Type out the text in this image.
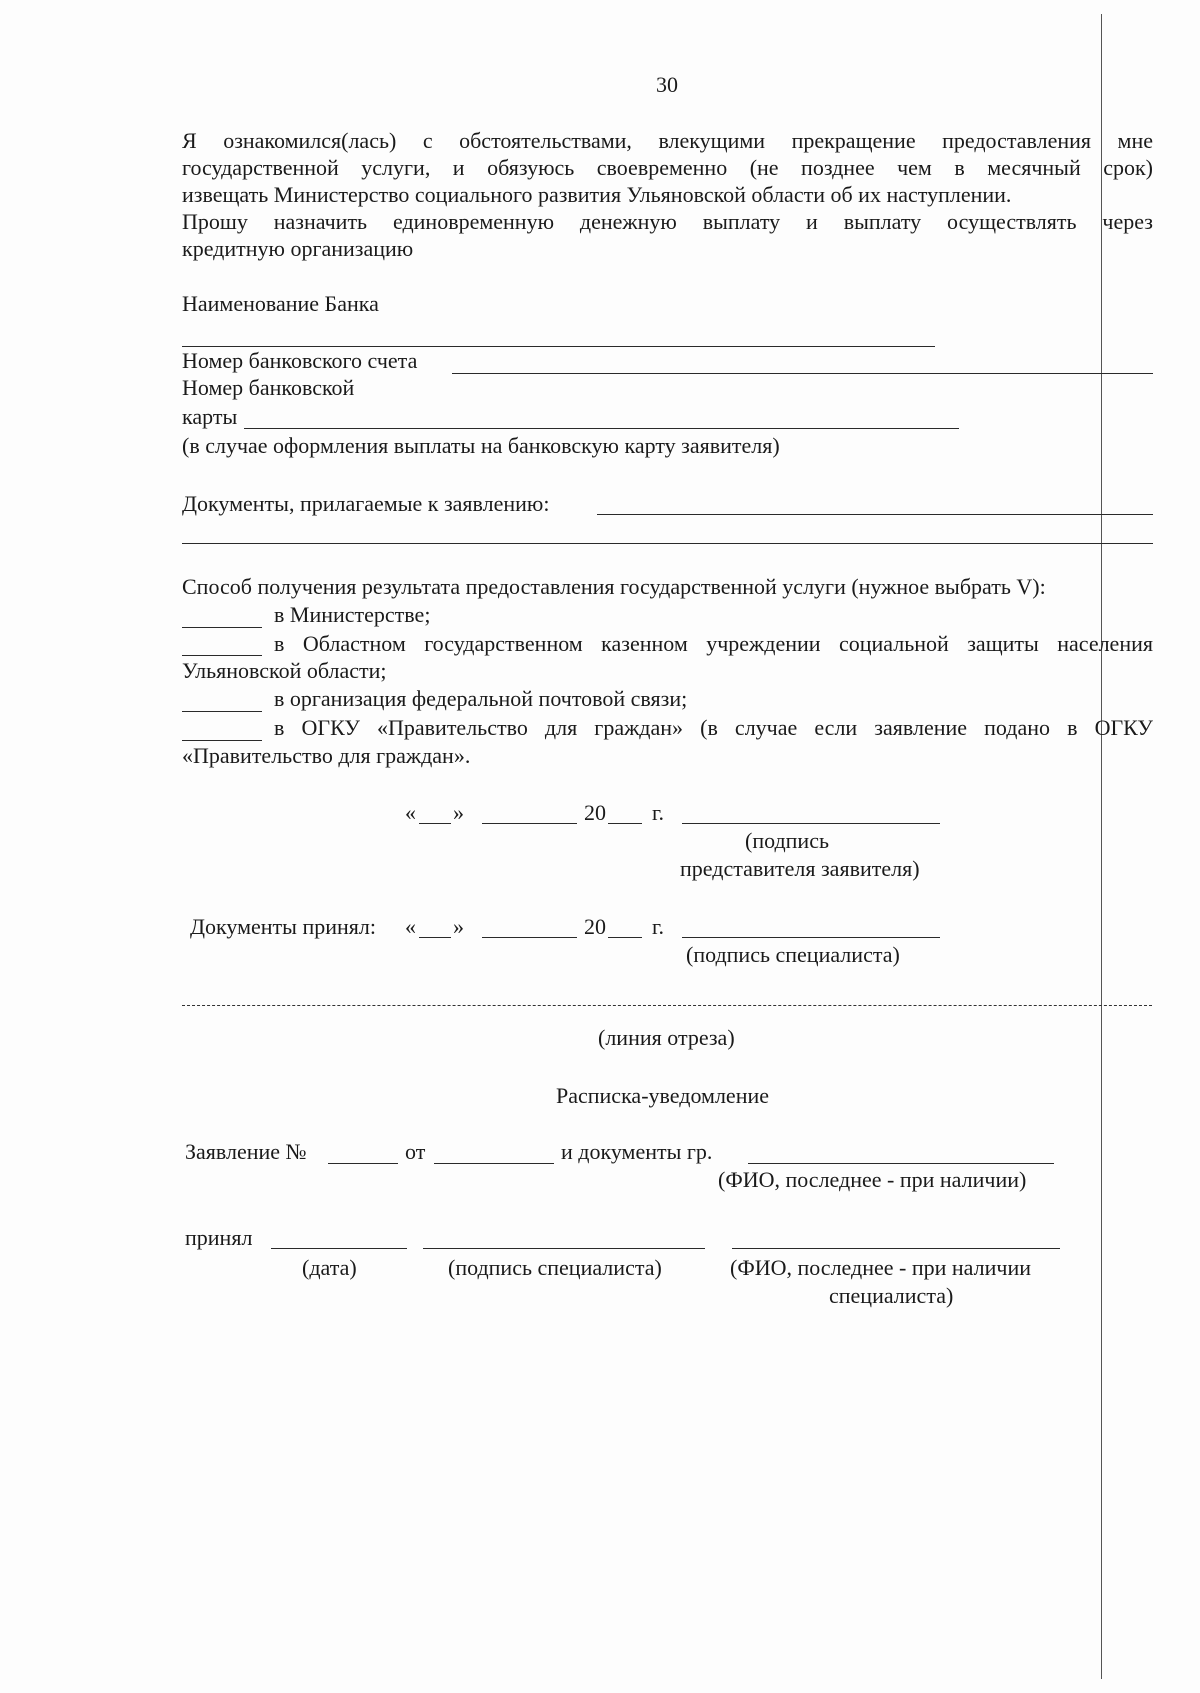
30
Я ознакомился(лась) с обстоятельствами, влекущими прекращение предоставления мне
государственной услуги, и обязуюсь своевременно (не позднее чем в месячный срок)
извещать Министерство социального развития Ульяновской области об их наступлении.
Прошу назначить единовременную денежную выплату и выплату осуществлять через
кредитную организацию
Наименование Банка
Номер банковского счета
Номер банковской
карты
(в случае оформления выплаты на банковскую карту заявителя)
Документы, прилагаемые к заявлению:
Способ получения результата предоставления государственной услуги (нужное выбрать V):
в Министерстве;
в Областном государственном казенном учреждении социальной защиты населения
Ульяновской области;
в организация федеральной почтовой связи;
в ОГКУ «Правительство для граждан» (в случае если заявление подано в ОГКУ
«Правительство для граждан».
« »	20 г.
(подпись
представителя заявителя)
Документы принял: « »	20 г.
(подпись специалиста)
(линия отреза)
Расписка-уведомление
Заявление №	от	и документы гр.
(ФИО, последнее - при наличии)
принял
(дата)	(подпись специалиста)	(ФИО, последнее - при наличии
специалиста)
